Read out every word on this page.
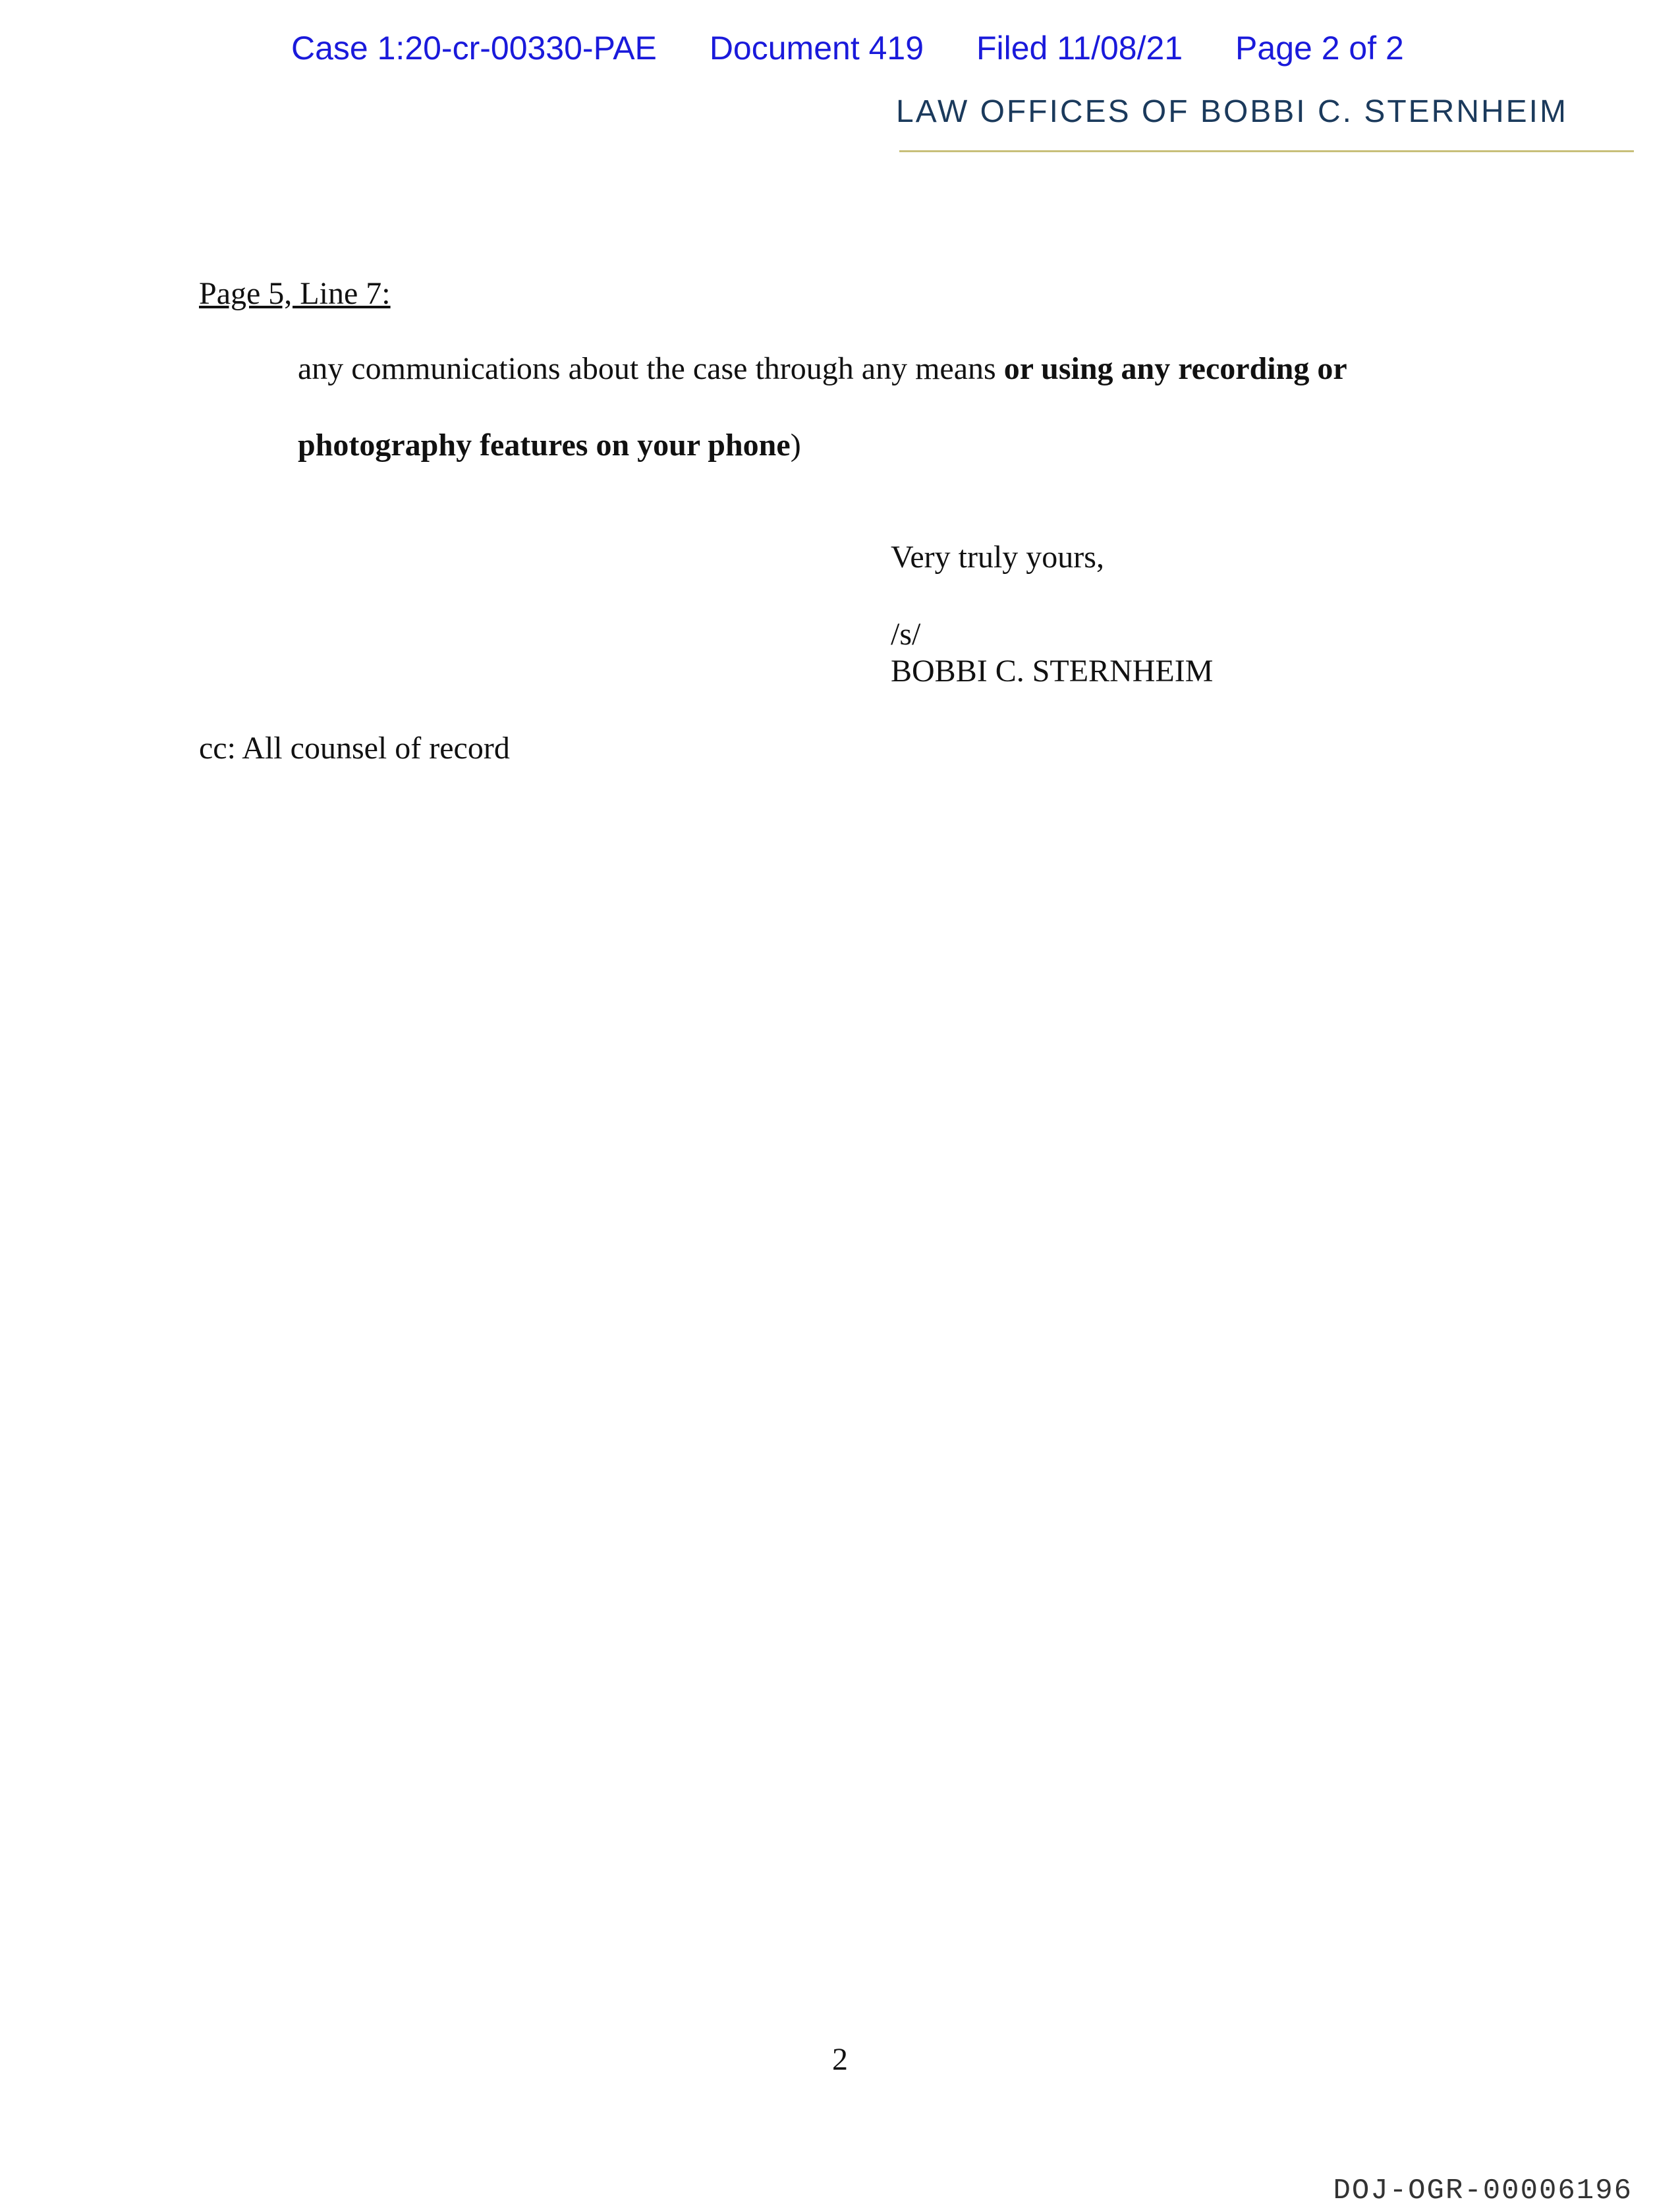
Case 1:20-cr-00330-PAE Document 419 Filed 11/08/21 Page 2 of 2
LAW OFFICES OF BOBBI C. STERNHEIM
Page 5, Line 7:
any communications about the case through any means or using any recording or
photography features on your phone)
Very truly yours,
/s/
BOBBI C. STERNHEIM
cc: All counsel of record
2
DOJ-OGR-00006196
